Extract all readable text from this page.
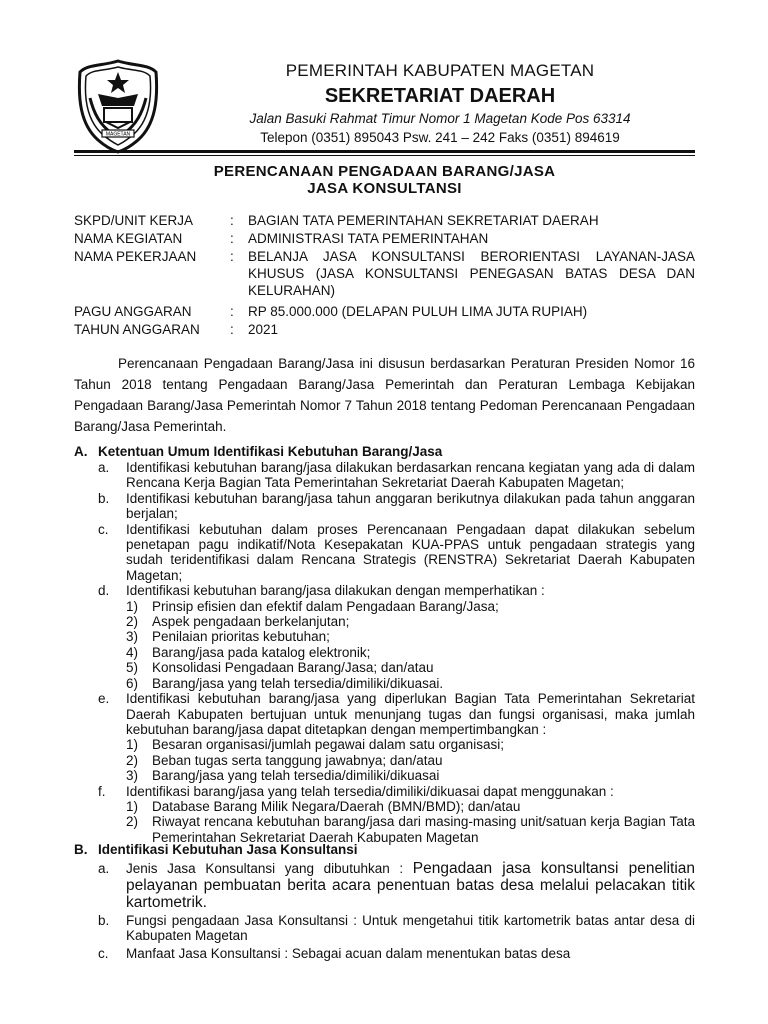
MAGETAN
PEMERINTAH KABUPATEN MAGETAN
SEKRETARIAT DAERAH
Jalan Basuki Rahmat Timur Nomor 1 Magetan Kode Pos 63314
Telepon (0351) 895043 Psw. 241 – 242 Faks (0351) 894619
PERENCANAAN PENGADAAN BARANG/JASA
JASA KONSULTANSI
SKPD/UNIT KERJA	:	BAGIAN TATA PEMERINTAHAN SEKRETARIAT DAERAH
NAMA KEGIATAN	:	ADMINISTRASI TATA PEMERINTAHAN
NAMA PEKERJAAN	:	BELANJA JASA KONSULTANSI BERORIENTASI LAYANAN-JASA KHUSUS (JASA KONSULTANSI PENEGASAN BATAS DESA DAN KELURAHAN)
PAGU ANGGARAN	:	RP 85.000.000 (DELAPAN PULUH LIMA JUTA RUPIAH)
TAHUN ANGGARAN	:	2021
Perencanaan Pengadaan Barang/Jasa ini disusun berdasarkan Peraturan Presiden Nomor 16 Tahun 2018 tentang Pengadaan Barang/Jasa Pemerintah dan Peraturan Lembaga Kebijakan Pengadaan Barang/Jasa Pemerintah Nomor 7 Tahun 2018 tentang Pedoman Perencanaan Pengadaan Barang/Jasa Pemerintah.
A. Ketentuan Umum Identifikasi Kebutuhan Barang/Jasa
a.	Identifikasi kebutuhan barang/jasa dilakukan berdasarkan rencana kegiatan yang ada di dalam Rencana Kerja Bagian Tata Pemerintahan Sekretariat Daerah Kabupaten Magetan;
b.	Identifikasi kebutuhan barang/jasa tahun anggaran berikutnya dilakukan pada tahun anggaran berjalan;
c.	Identifikasi kebutuhan dalam proses Perencanaan Pengadaan dapat dilakukan sebelum penetapan pagu indikatif/Nota Kesepakatan KUA-PPAS untuk pengadaan strategis yang sudah teridentifikasi dalam Rencana Strategis (RENSTRA) Sekretariat Daerah Kabupaten Magetan;
d.	Identifikasi kebutuhan barang/jasa dilakukan dengan memperhatikan :
1)	Prinsip efisien dan efektif dalam Pengadaan Barang/Jasa;
2)	Aspek pengadaan berkelanjutan;
3)	Penilaian prioritas kebutuhan;
4)	Barang/jasa pada katalog elektronik;
5)	Konsolidasi Pengadaan Barang/Jasa; dan/atau
6)	Barang/jasa yang telah tersedia/dimiliki/dikuasai.
e.	Identifikasi kebutuhan barang/jasa yang diperlukan Bagian Tata Pemerintahan Sekretariat Daerah Kabupaten bertujuan untuk menunjang tugas dan fungsi organisasi, maka jumlah kebutuhan barang/jasa dapat ditetapkan dengan mempertimbangkan :
1)	Besaran organisasi/jumlah pegawai dalam satu organisasi;
2)	Beban tugas serta tanggung jawabnya; dan/atau
3)	Barang/jasa yang telah tersedia/dimiliki/dikuasai
f.	Identifikasi barang/jasa yang telah tersedia/dimiliki/dikuasai dapat menggunakan :
1)	Database Barang Milik Negara/Daerah (BMN/BMD); dan/atau
2)	Riwayat rencana kebutuhan barang/jasa dari masing-masing unit/satuan kerja Bagian Tata Pemerintahan Sekretariat Daerah Kabupaten Magetan
B. Identifikasi Kebutuhan Jasa Konsultansi
a.	Jenis Jasa Konsultansi yang dibutuhkan : Pengadaan jasa konsultansi penelitian pelayanan pembuatan berita acara penentuan batas desa melalui pelacakan titik kartometrik.
b.	Fungsi pengadaan Jasa Konsultansi : Untuk mengetahui titik kartometrik batas antar desa di Kabupaten Magetan
c.	Manfaat Jasa Konsultansi : Sebagai acuan dalam menentukan batas desa
